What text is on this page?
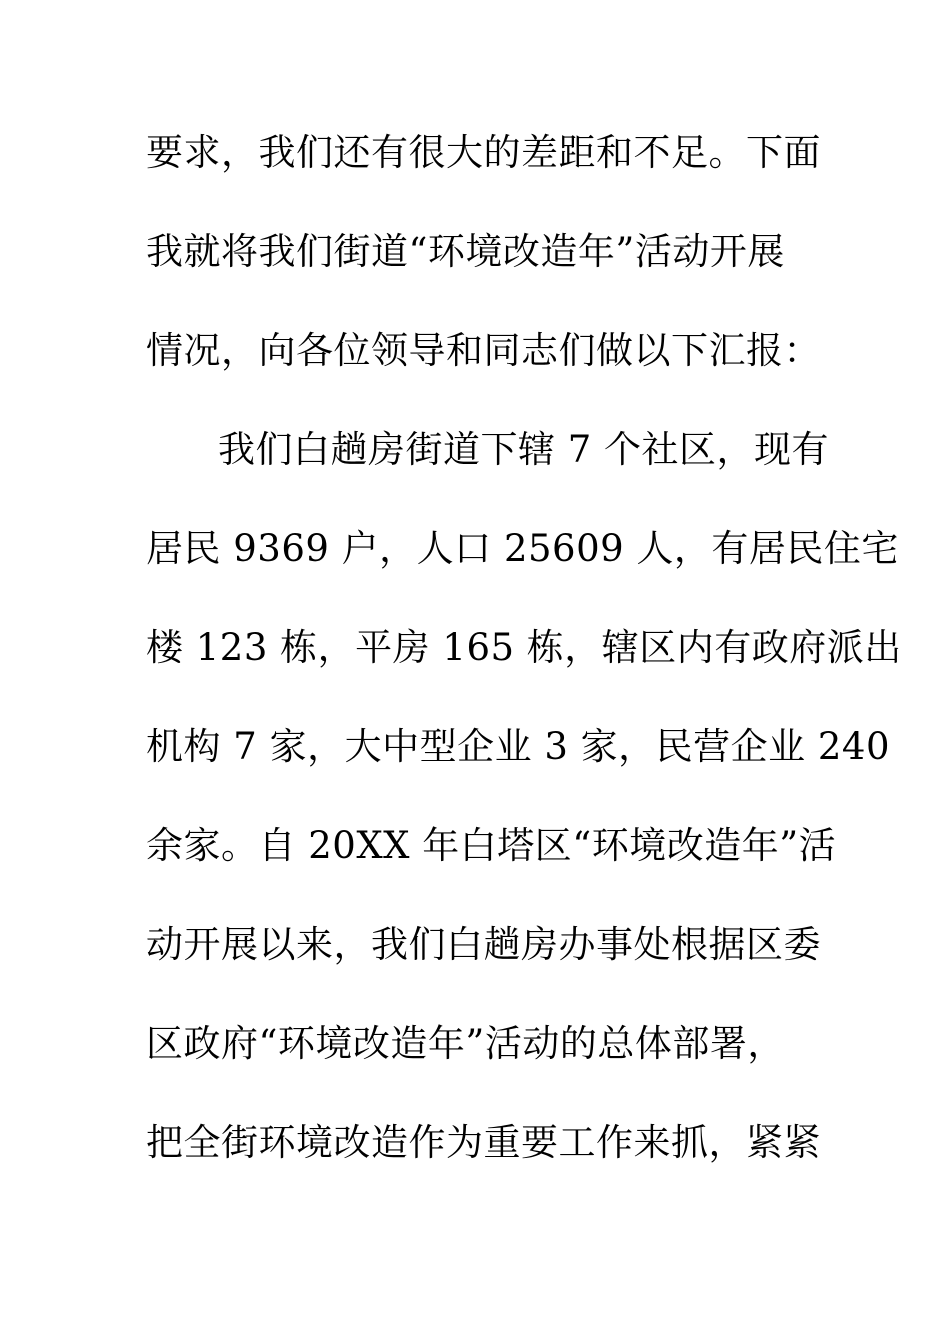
要求，我们还有很大的差距和不足。下面
我就将我们街道“环境改造年”活动开展
情况，向各位领导和同志们做以下汇报：
我们白趟房街道下辖 7 个社区，现有
居民 9369 户，人口 25609 人，有居民住宅
楼 123 栋，平房 165 栋，辖区内有政府派出
机构 7 家，大中型企业 3 家，民营企业 240
余家。自 20XX 年白塔区“环境改造年”活
动开展以来，我们白趟房办事处根据区委
区政府“环境改造年”活动的总体部署，
把全街环境改造作为重要工作来抓，紧紧
